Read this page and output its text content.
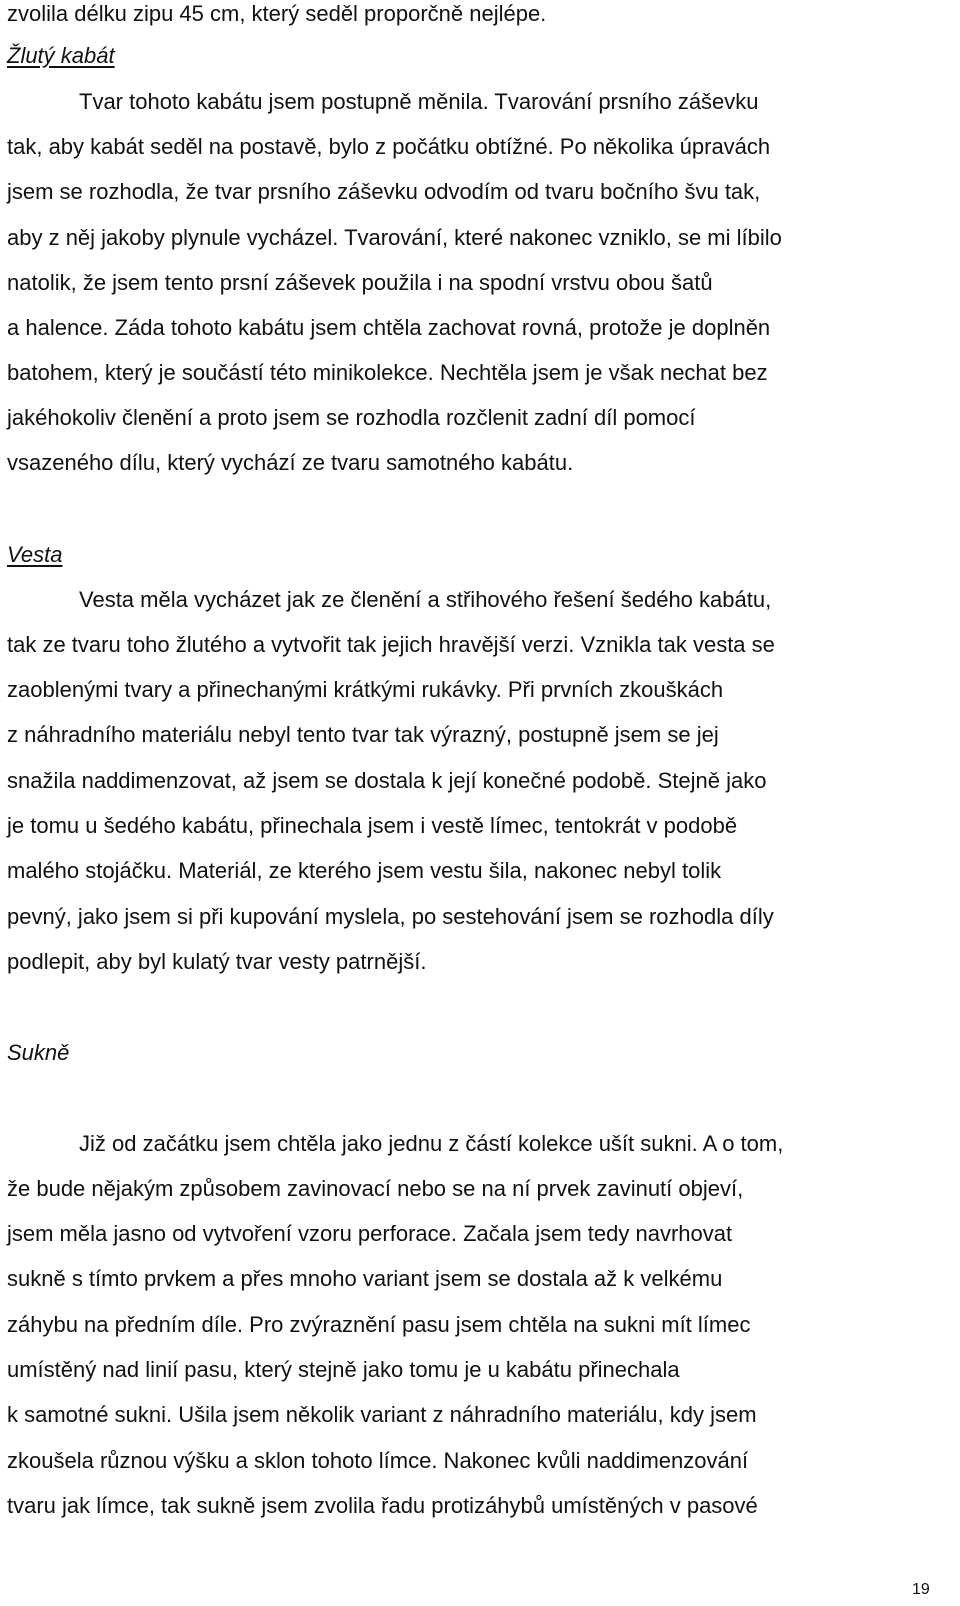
zvolila délku zipu 45 cm, který seděl proporčně nejlépe.
Žlutý kabát
Tvar tohoto kabátu jsem postupně měnila. Tvarování prsního záševku
tak, aby kabát seděl na postavě, bylo z počátku obtížné. Po několika úpravách
jsem se rozhodla, že tvar prsního záševku odvodím od tvaru bočního švu tak,
aby z něj jakoby plynule vycházel. Tvarování, které nakonec vzniklo, se mi líbilo
natolik, že jsem tento prsní záševek použila i na spodní vrstvu obou šatů
a halence. Záda tohoto kabátu jsem chtěla zachovat rovná, protože je doplněn
batohem, který je součástí této minikolekce. Nechtěla jsem je však nechat bez
jakéhokoliv členění a proto jsem se rozhodla rozčlenit zadní díl pomocí
vsazeného dílu, který vychází ze tvaru samotného kabátu.
Vesta
Vesta měla vycházet jak ze členění a střihového řešení šedého kabátu,
tak ze tvaru toho žlutého a vytvořit tak jejich hravější verzi. Vznikla tak vesta se
zaoblenými tvary a přinechanými krátkými rukávky. Při prvních zkouškách
z náhradního materiálu nebyl tento tvar tak výrazný, postupně jsem se jej
snažila naddimenzovat, až jsem se dostala k její konečné podobě. Stejně jako
je tomu u šedého kabátu, přinechala jsem i vestě límec, tentokrát v podobě
malého stojáčku. Materiál, ze kterého jsem vestu šila, nakonec nebyl tolik
pevný, jako jsem si při kupování myslela, po sestehování jsem se rozhodla díly
podlepit, aby byl kulatý tvar vesty patrnější.
Sukně
Již od začátku jsem chtěla jako jednu z částí kolekce ušít sukni. A o tom,
že bude nějakým způsobem zavinovací nebo se na ní prvek zavinutí objeví,
jsem měla jasno od vytvoření vzoru perforace. Začala jsem tedy navrhovat
sukně s tímto prvkem a přes mnoho variant jsem se dostala až k velkému
záhybu na předním díle. Pro zvýraznění pasu jsem chtěla na sukni mít límec
umístěný nad linií pasu, který stejně jako tomu je u kabátu přinechala
k samotné sukni. Ušila jsem několik variant z náhradního materiálu, kdy jsem
zkoušela různou výšku a sklon tohoto límce. Nakonec kvůli naddimenzování
tvaru jak límce, tak sukně jsem zvolila řadu protizáhybů umístěných v pasové
19
